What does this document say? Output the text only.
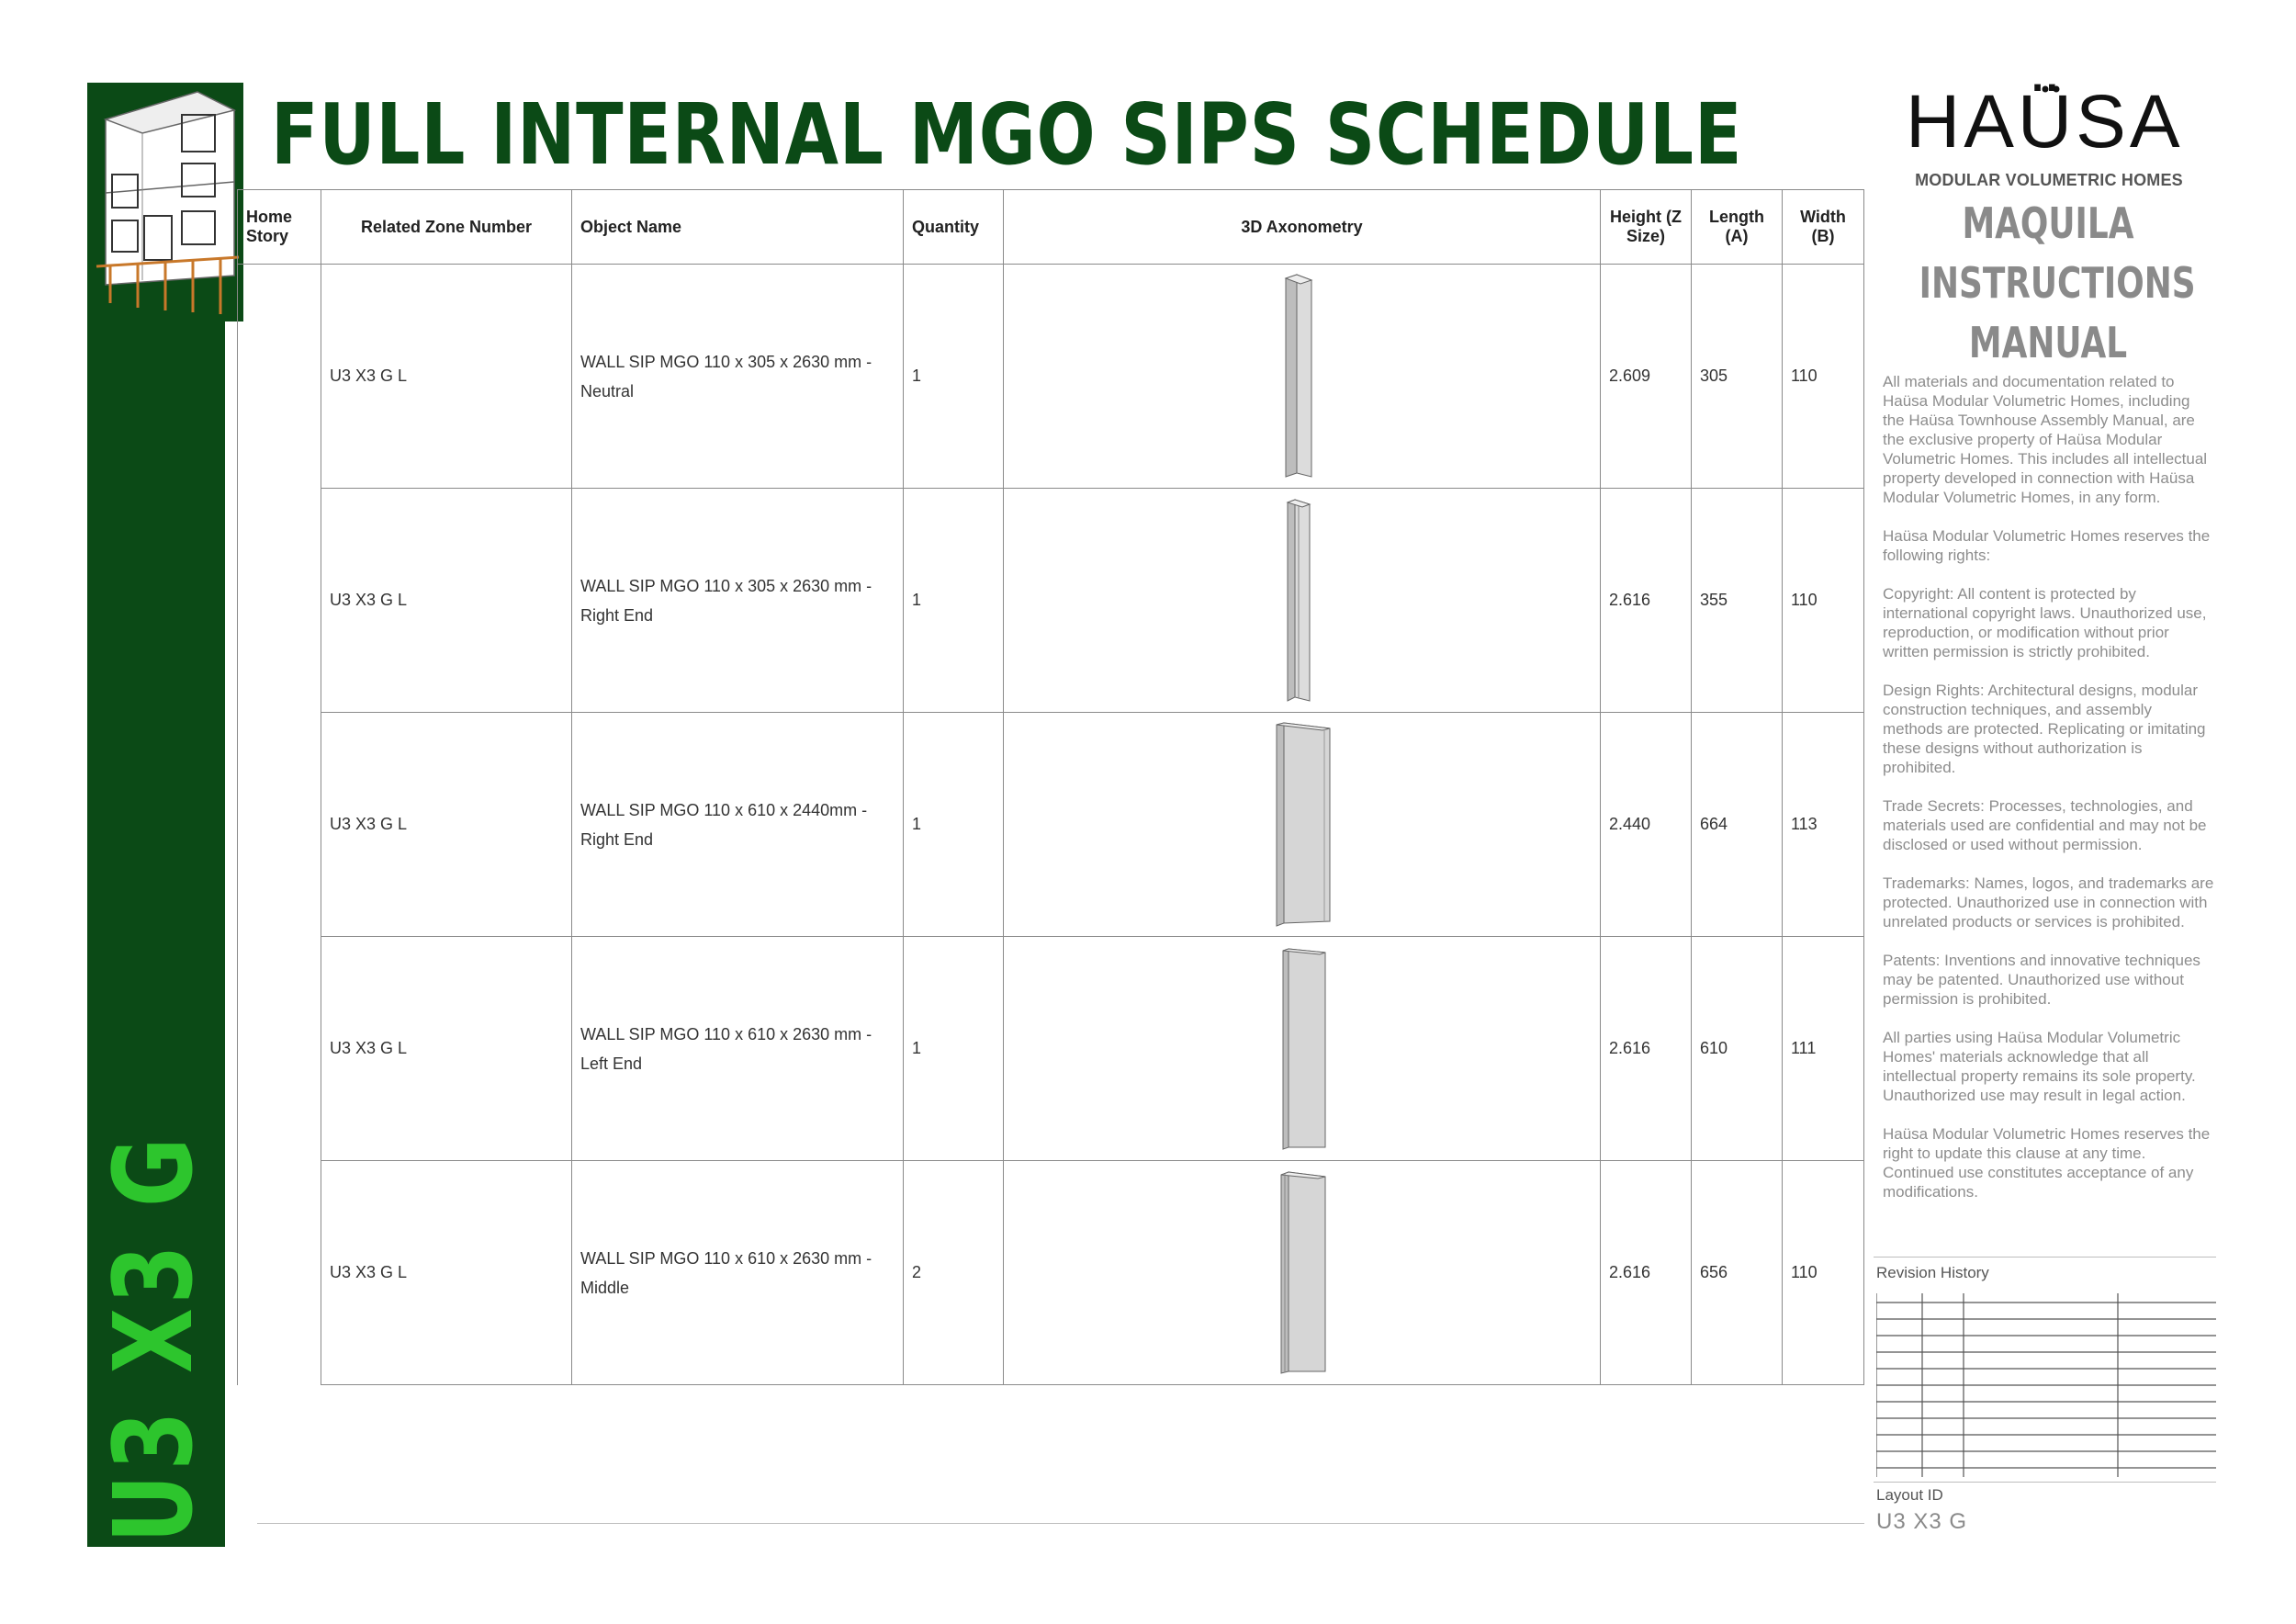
U3 X3 G
FULL INTERNAL MGO SIPS SCHEDULE
Home Story	Related Zone Number	Object Name	Quantity	3D Axonometry	Height (Z Size)	Length (A)	Width (B)
	U3 X3 G L	WALL SIP MGO 110 x 305 x 2630 mm - Neutral	1		2.609	305	110
	U3 X3 G L	WALL SIP MGO 110 x 305 x 2630 mm - Right End	1		2.616	355	110
	U3 X3 G L	WALL SIP MGO 110 x 610 x 2440mm - Right End	1		2.440	664	113
	U3 X3 G L	WALL SIP MGO 110 x 610 x 2630 mm - Left End	1		2.616	610	111
	U3 X3 G L	WALL SIP MGO 110 x 610 x 2630 mm - Middle	2		2.616	656	110
HAÜSA
MODULAR VOLUMETRIC HOMES
MAQUILA
INSTRUCTIONS
MANUAL

All materials and documentation related to Haüsa Modular Volumetric Homes, including the Haüsa Townhouse Assembly Manual, are the exclusive property of Haüsa Modular Volumetric Homes. This includes all intellectual property developed in connection with Haüsa Modular Volumetric Homes, in any form.

Haüsa Modular Volumetric Homes reserves the following rights:

Copyright: All content is protected by international copyright laws. Unauthorized use, reproduction, or modification without prior written permission is strictly prohibited.

Design Rights: Architectural designs, modular construction techniques, and assembly methods are protected. Replicating or imitating these designs without authorization is prohibited.

Trade Secrets: Processes, technologies, and materials used are confidential and may not be disclosed or used without permission.

Trademarks: Names, logos, and trademarks are protected. Unauthorized use in connection with unrelated products or services is prohibited.

Patents: Inventions and innovative techniques may be patented. Unauthorized use without permission is prohibited.

All parties using Haüsa Modular Volumetric Homes' materials acknowledge that all intellectual property remains its sole property. Unauthorized use may result in legal action.

Haüsa Modular Volumetric Homes reserves the right to update this clause at any time. Continued use constitutes acceptance of any modifications.

Revision History
Layout ID
U3 X3 G
